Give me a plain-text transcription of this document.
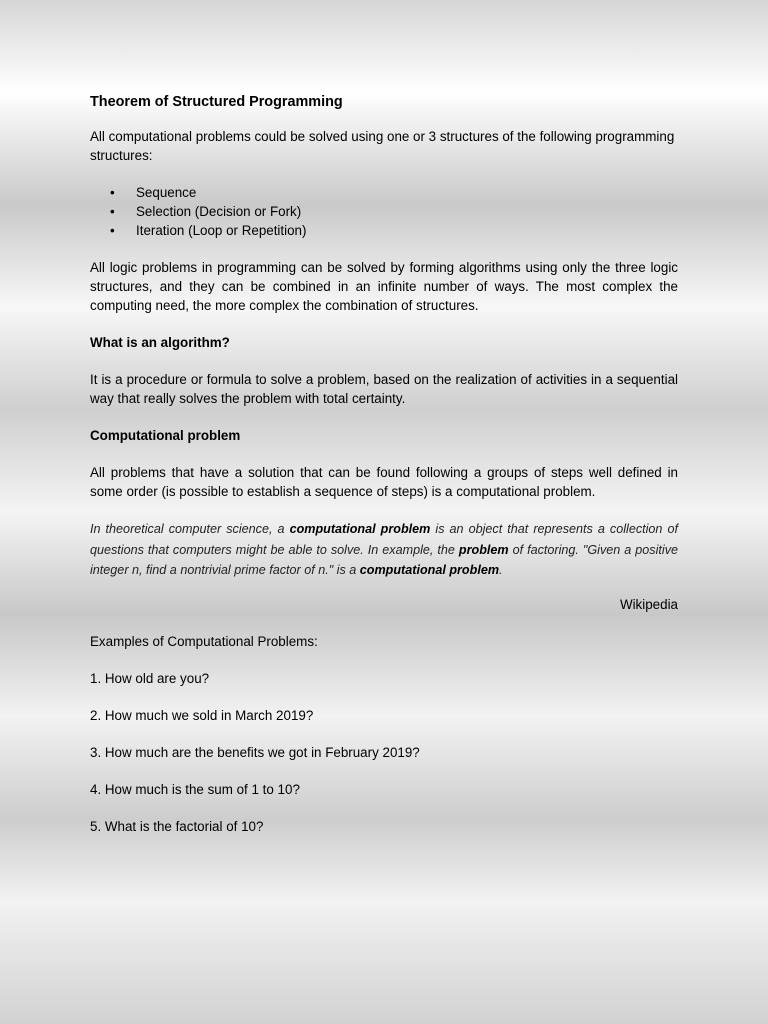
Theorem of Structured Programming

All computational problems could be solved using one or 3 structures of the following programming structures:

• Sequence
• Selection (Decision or Fork)
• Iteration (Loop or Repetition)

All logic problems in programming can be solved by forming algorithms using only the three logic structures, and they can be combined in an infinite number of ways. The most complex the computing need, the more complex the combination of structures.

What is an algorithm?

It is a procedure or formula to solve a problem, based on the realization of activities in a sequential way that really solves the problem with total certainty.

Computational problem

All problems that have a solution that can be found following a groups of steps well defined in some order (is possible to establish a sequence of steps) is a computational problem.

In theoretical computer science, a computational problem is an object that represents a collection of questions that computers might be able to solve. In example, the problem of factoring. "Given a positive integer n, find a nontrivial prime factor of n." is a computational problem.
Wikipedia
Examples of Computational Problems:
1. How old are you?
2. How much we sold in March 2019?
3. How much are the benefits we got in February 2019?
4. How much is the sum of 1 to 10?
5. What is the factorial of 10?
